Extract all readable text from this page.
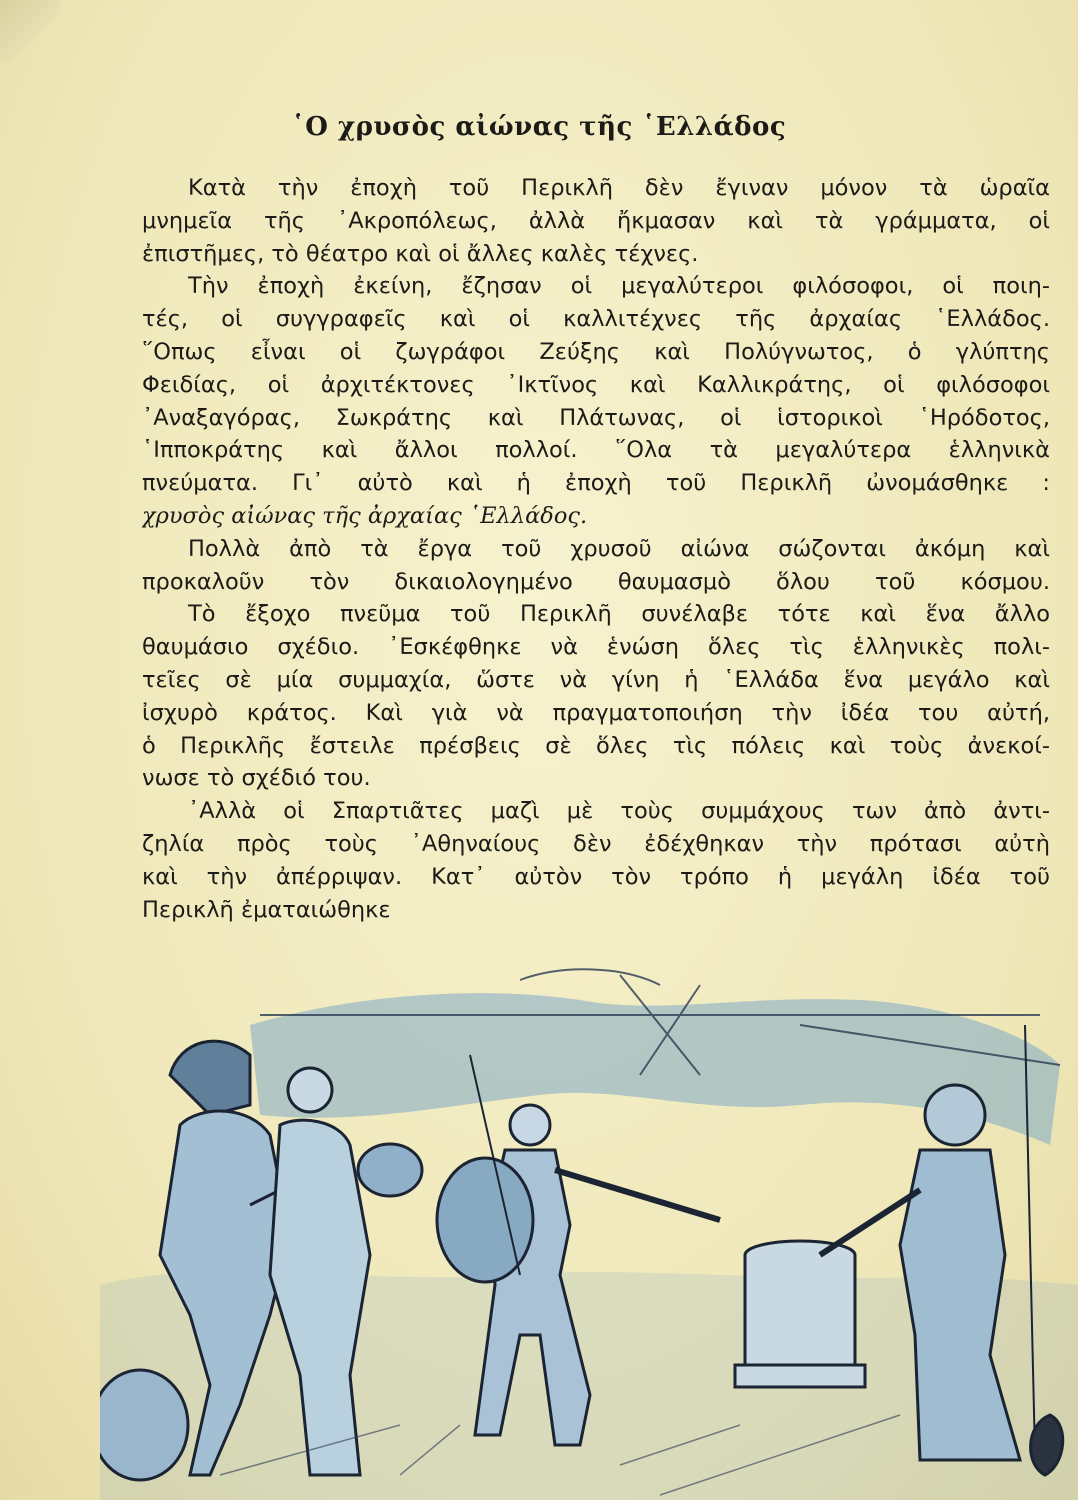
῾Ο χρυσὸς αἰώνας τῆς ῾Ελλάδος
Κατὰ τὴν ἐποχὴ τοῦ Περικλῆ δὲν ἔγιναν μόνον τὰ ὡραῖα
μνημεῖα τῆς ᾿Ακροπόλεως, ἀλλὰ ἤκμασαν καὶ τὰ γράμματα, οἱ
ἐπιστῆμες, τὸ θέατρο καὶ οἱ ἄλλες καλὲς τέχνες.
Τὴν ἐποχὴ ἐκείνη, ἔζησαν οἱ μεγαλύτεροι φιλόσοφοι, οἱ ποιη-
τές, οἱ συγγραφεῖς καὶ οἱ καλλιτέχνες τῆς ἀρχαίας ῾Ελλάδος.
῞Οπως εἶναι οἱ ζωγράφοι Ζεύξης καὶ Πολύγνωτος, ὁ γλύπτης
Φειδίας, οἱ ἀρχιτέκτονες ᾿Ικτῖνος καὶ Καλλικράτης, οἱ φιλόσοφοι
᾿Αναξαγόρας, Σωκράτης καὶ Πλάτωνας, οἱ ἱστορικοὶ ῾Ηρόδοτος,
῾Ιπποκράτης καὶ ἄλλοι πολλοί. ῞Ολα τὰ μεγαλύτερα ἑλληνικὰ
πνεύματα. Γι᾿ αὐτὸ καὶ ἡ ἐποχὴ τοῦ Περικλῆ ὠνομάσθηκε :
χρυσὸς αἰώνας τῆς ἀρχαίας ῾Ελλάδος.
Πολλὰ ἀπὸ τὰ ἔργα τοῦ χρυσοῦ αἰώνα σώζονται ἀκόμη καὶ
προκαλοῦν τὸν δικαιολογημένο θαυμασμὸ ὅλου τοῦ κόσμου.
Τὸ ἔξοχο πνεῦμα τοῦ Περικλῆ συνέλαβε τότε καὶ ἕνα ἄλλο
θαυμάσιο σχέδιο. ᾿Εσκέφθηκε νὰ ἑνώση ὅλες τὶς ἑλληνικὲς πολι-
τεῖες σὲ μία συμμαχία, ὥστε νὰ γίνη ἡ ῾Ελλάδα ἕνα μεγάλο καὶ
ἰσχυρὸ κράτος. Καὶ γιὰ νὰ πραγματοποιήση τὴν ἰδέα του αὐτή,
ὁ Περικλῆς ἔστειλε πρέσβεις σὲ ὅλες τὶς πόλεις καὶ τοὺς ἀνεκοί-
νωσε τὸ σχέδιό του.
᾿Αλλὰ οἱ Σπαρτιᾶτες μαζὶ μὲ τοὺς συμμάχους των ἀπὸ ἀντι-
ζηλία πρὸς τοὺς ᾿Αθηναίους δὲν ἐδέχθηκαν τὴν πρότασι αὐτὴ
καὶ τὴν ἀπέρριψαν. Κατ᾿ αὐτὸν τὸν τρόπο ἡ μεγάλη ἰδέα τοῦ
Περικλῆ ἐματαιώθηκε
